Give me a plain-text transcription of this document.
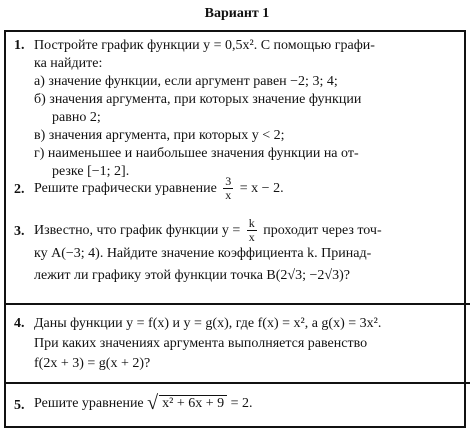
Вариант 1
1. Постройте график функции y = 0,5x². С помощью графи-
ка найдите:
а) значение функции, если аргумент равен −2; 3; 4;
б) значения аргумента, при которых значение функции
равно 2;
в) значения аргумента, при которых y < 2;
г) наименьшее и наибольшее значения функции на от-
резке [−1; 2].
2. Решите графически уравнение $\frac{3}{x} = x - 2$.
3. Известно, что график функции $y = \frac{k}{x}$ проходит через точ-
ку A(−3; 4). Найдите значение коэффициента k. Принад-
лежит ли графику этой функции точка B(2√3; −2√3)?
4. Даны функции y = f(x) и y = g(x), где f(x) = x², а g(x) = 3x².
При каких значениях аргумента выполняется равенство
f(2x + 3) = g(x + 2)?
5. Решите уравнение √ x² + 6x + 9 = 2.
